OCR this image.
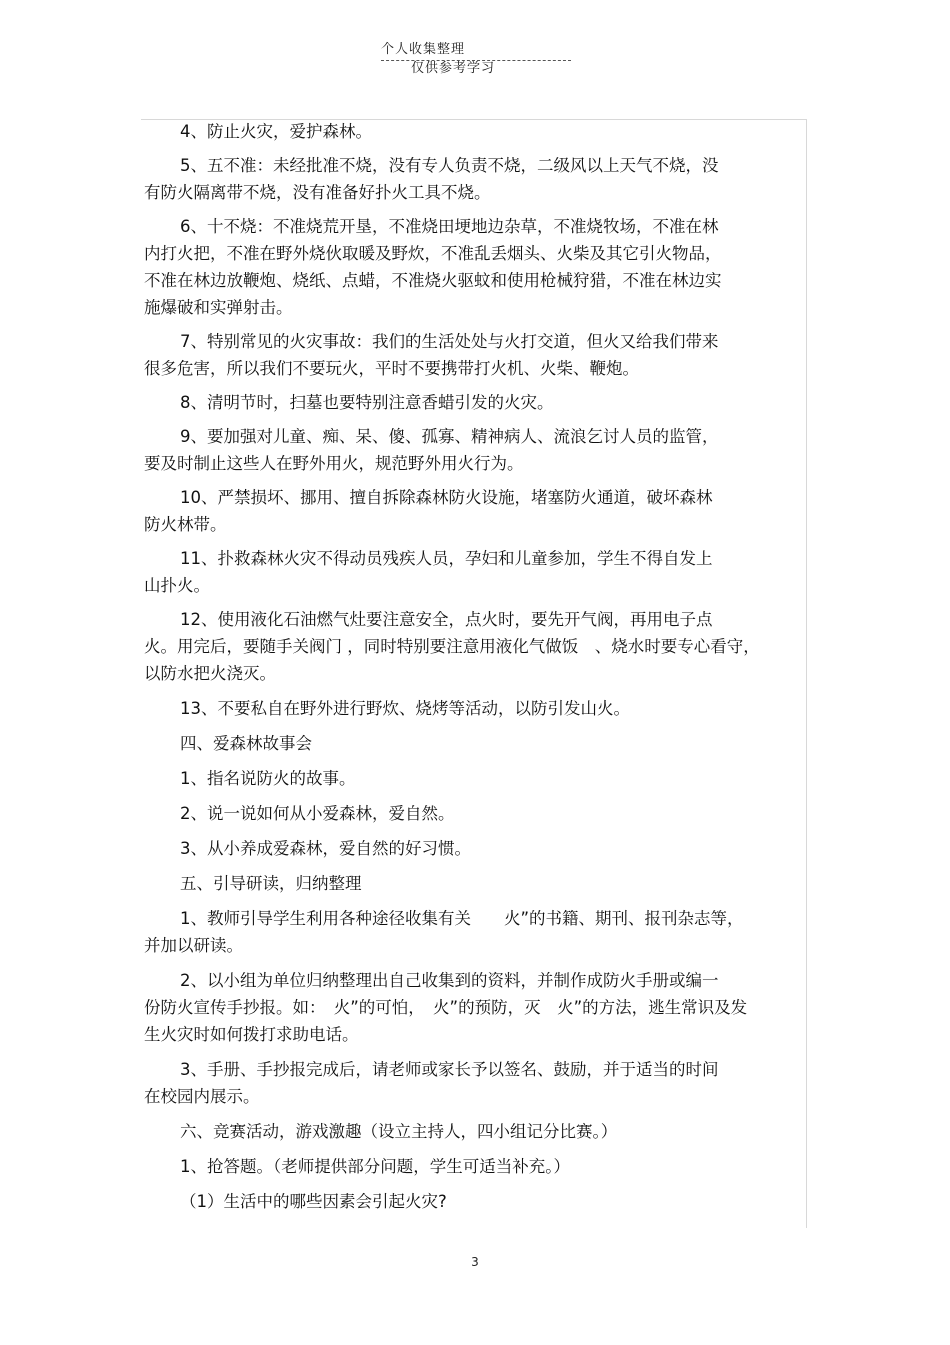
个人收集整理仅供参考学习
4、防止火灾，爱护森林。
5、五不准：未经批准不烧，没有专人负责不烧，二级风以上天气不烧，没
有防火隔离带不烧，没有准备好扑火工具不烧。
6、十不烧：不准烧荒开垦，不准烧田埂地边杂草，不准烧牧场，不准在林
内打火把，不准在野外烧伙取暖及野炊，不准乱丢烟头、火柴及其它引火物品，
不准在林边放鞭炮、烧纸、点蜡，不准烧火驱蚊和使用枪械狩猎，不准在林边实
施爆破和实弹射击。
7、特别常见的火灾事故：我们的生活处处与火打交道，但火又给我们带来
很多危害，所以我们不要玩火，平时不要携带打火机、火柴、鞭炮。
8、清明节时，扫墓也要特别注意香蜡引发的火灾。
9、要加强对儿童、痴、呆、傻、孤寡、精神病人、流浪乞讨人员的监管，
要及时制止这些人在野外用火，规范野外用火行为。
10、严禁损坏、挪用、擅自拆除森林防火设施，堵塞防火通道，破坏森林
防火林带。
11、扑救森林火灾不得动员残疾人员，孕妇和儿童参加，学生不得自发上
山扑火。
12、使用液化石油燃气灶要注意安全，点火时，要先开气阀，再用电子点
火。用完后，要随手关阀门 ，同时特别要注意用液化气做饭　、烧水时要专心看守，
以防水把火浇灭。
13、不要私自在野外进行野炊、烧烤等活动，以防引发山火。
四、爱森林故事会
1、指名说防火的故事。
2、说一说如何从小爱森林，爱自然。
3、从小养成爱森林，爱自然的好习惯。
五、引导研读，归纳整理
1、教师引导学生利用各种途径收集有关　　火”的书籍、期刊、报刊杂志等，
并加以研读。
2、以小组为单位归纳整理出自己收集到的资料，并制作成防火手册或编一
份防火宣传手抄报。如：　火”的可怕，　火”的预防，灭　火”的方法，逃生常识及发
生火灾时如何拨打求助电话。
3、手册、手抄报完成后，请老师或家长予以签名、鼓励，并于适当的时间
在校园内展示。
六、竞赛活动，游戏激趣（设立主持人，四小组记分比赛。）
1、抢答题。（老师提供部分问题，学生可适当补充。）
（1）生活中的哪些因素会引起火灾?
3
